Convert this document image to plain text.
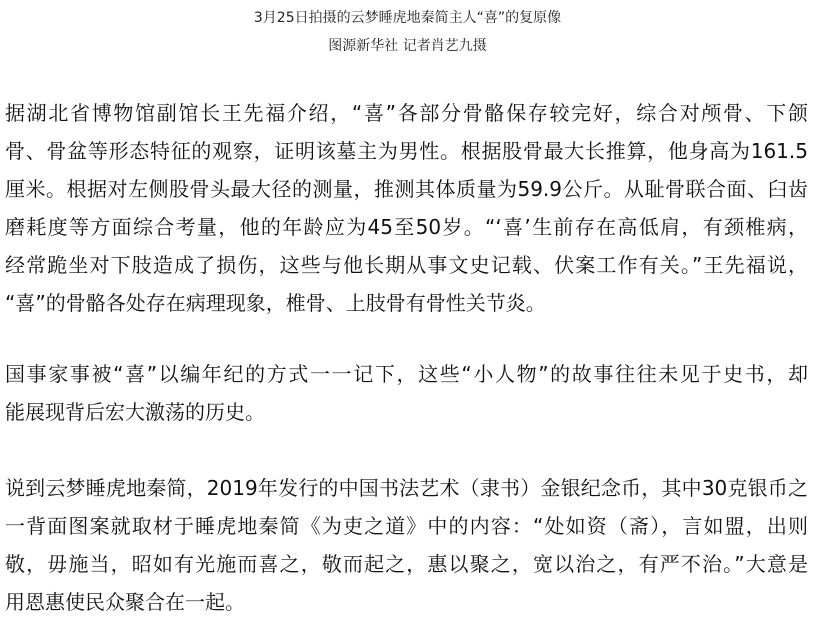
3月25日拍摄的云梦睡虎地秦简主人“喜”的复原像
图源新华社 记者肖艺九摄
据湖北省博物馆副馆长王先福介绍，“喜”各部分骨骼保存较完好，综合对颅骨、下颌
骨、骨盆等形态特征的观察，证明该墓主为男性。根据股骨最大长推算，他身高为161.5
厘米。根据对左侧股骨头最大径的测量，推测其体质量为59.9公斤。从耻骨联合面、臼齿
磨耗度等方面综合考量，他的年龄应为45至50岁。“‘喜’生前存在高低肩，有颈椎病，
经常跪坐对下肢造成了损伤，这些与他长期从事文史记载、伏案工作有关。”王先福说，
“喜”的骨骼各处存在病理现象，椎骨、上肢骨有骨性关节炎。
国事家事被“喜”以编年纪的方式一一记下，这些“小人物”的故事往往未见于史书，却
能展现背后宏大激荡的历史。
说到云梦睡虎地秦简，2019年发行的中国书法艺术（隶书）金银纪念币，其中30克银币之
一背面图案就取材于睡虎地秦简《为吏之道》中的内容：“处如资（斋），言如盟，出则
敬，毋施当，昭如有光施而喜之，敬而起之，惠以聚之，宽以治之，有严不治。”大意是
用恩惠使民众聚合在一起。
